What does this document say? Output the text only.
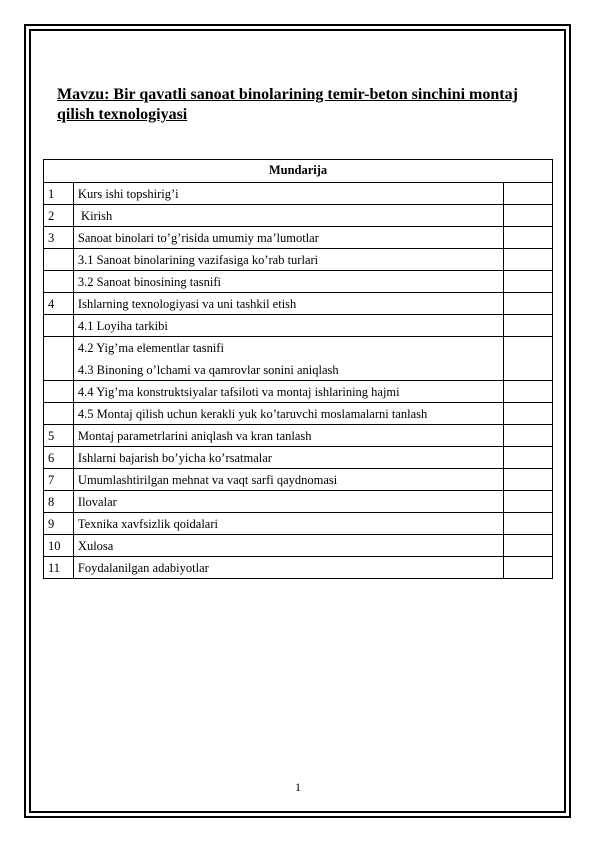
Mavzu: Bir qavatli sanoat binolarining temir-beton sinchini montaj qilish texnologiyasi
Mundarija		
1	Kurs ishi topshirig’i	

2	Kirish	

3	Sanoat binolari to’g’risida umumiy ma’lumotlar	

	3.1 Sanoat binolarining vazifasiga ko’rab turlari	

	3.2 Sanoat binosining tasnifi	

4	Ishlarning texnologiyasi va uni tashkil etish	

	4.1 Loyiha tarkibi	

	4.2 Yig’ma elementlar tasnifi
4.3 Binoning o’lchami va qamrovlar sonini aniqlash	

	4.4 Yig’ma konstruktsiyalar tafsiloti va montaj ishlarining hajmi	

	4.5 Montaj qilish uchun kerakli yuk ko’taruvchi moslamalarni tanlash	

5	Montaj parametrlarini aniqlash va kran tanlash	

6	Ishlarni bajarish bo’yicha ko’rsatmalar	

7	Umumlashtirilgan mehnat va vaqt sarfi qaydnomasi	

8	Ilovalar	

9	Texnika xavfsizlik qoidalari	

10	Xulosa	

11	Foydalanilgan adabiyotlar	

1
